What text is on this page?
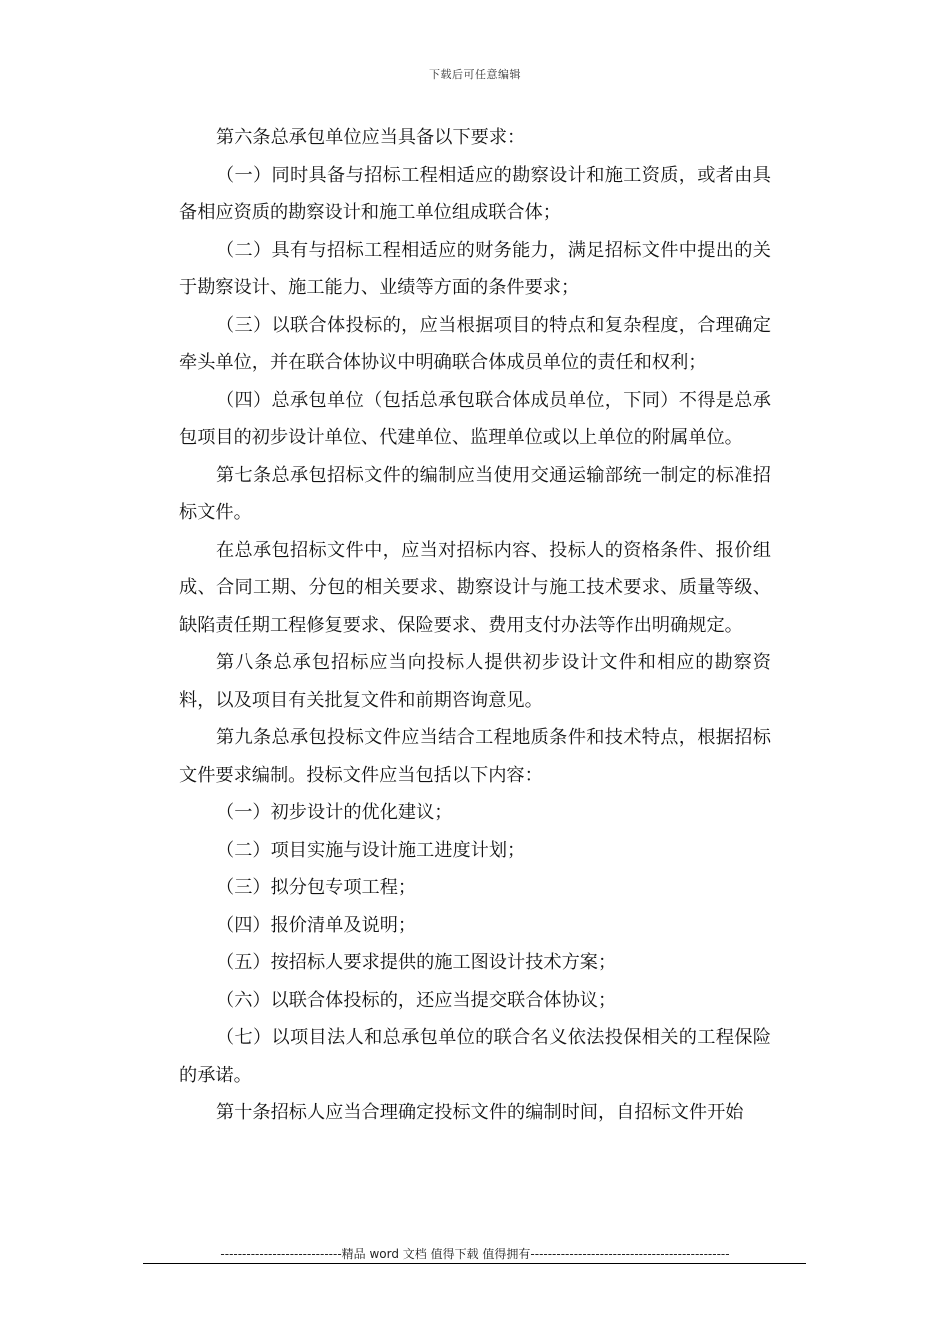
下载后可任意编辑

第六条总承包单位应当具备以下要求：

（一）同时具备与招标工程相适应的勘察设计和施工资质，或者由具备相应资质的勘察设计和施工单位组成联合体；

（二）具有与招标工程相适应的财务能力，满足招标文件中提出的关于勘察设计、施工能力、业绩等方面的条件要求；

（三）以联合体投标的，应当根据项目的特点和复杂程度，合理确定牵头单位，并在联合体协议中明确联合体成员单位的责任和权利；

（四）总承包单位（包括总承包联合体成员单位，下同）不得是总承包项目的初步设计单位、代建单位、监理单位或以上单位的附属单位。

第七条总承包招标文件的编制应当使用交通运输部统一制定的标准招标文件。

在总承包招标文件中，应当对招标内容、投标人的资格条件、报价组成、合同工期、分包的相关要求、勘察设计与施工技术要求、质量等级、缺陷责任期工程修复要求、保险要求、费用支付办法等作出明确规定。

第八条总承包招标应当向投标人提供初步设计文件和相应的勘察资料，以及项目有关批复文件和前期咨询意见。

第九条总承包投标文件应当结合工程地质条件和技术特点，根据招标文件要求编制。投标文件应当包括以下内容：

（一）初步设计的优化建议；

（二）项目实施与设计施工进度计划；

（三）拟分包专项工程；

（四）报价清单及说明；

（五）按招标人要求提供的施工图设计技术方案；

（六）以联合体投标的，还应当提交联合体协议；

（七）以项目法人和总承包单位的联合名义依法投保相关的工程保险的承诺。

第十条招标人应当合理确定投标文件的编制时间，自招标文件开始

----------------------------精品 word 文档 值得下载 值得拥有----------------------------------------------
